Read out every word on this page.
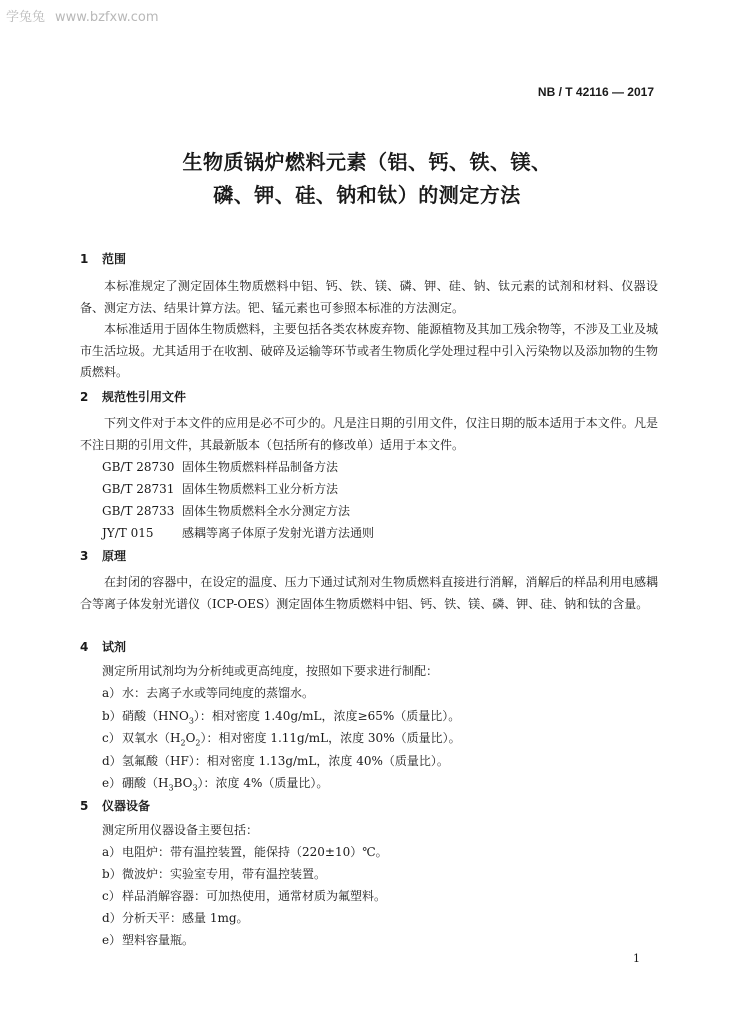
学兔兔 www.bzfxw.com
NB / T 42116 — 2017
生物质锅炉燃料元素（铝、钙、铁、镁、
磷、钾、硅、钠和钛）的测定方法
1 范围
本标准规定了测定固体生物质燃料中铝、钙、铁、镁、磷、钾、硅、钠、钛元素的试剂和材料、仪器设备、测定方法、结果计算方法。钯、锰元素也可参照本标准的方法测定。
本标准适用于固体生物质燃料，主要包括各类农林废弃物、能源植物及其加工残余物等，不涉及工业及城市生活垃圾。尤其适用于在收割、破碎及运输等环节或者生物质化学处理过程中引入污染物以及添加物的生物质燃料。
2 规范性引用文件
下列文件对于本文件的应用是必不可少的。凡是注日期的引用文件，仅注日期的版本适用于本文件。凡是不注日期的引用文件，其最新版本（包括所有的修改单）适用于本文件。
GB/T 28730 固体生物质燃料样品制备方法
GB/T 28731 固体生物质燃料工业分析方法
GB/T 28733 固体生物质燃料全水分测定方法
JY/T 015 感耦等离子体原子发射光谱方法通则
3 原理
在封闭的容器中，在设定的温度、压力下通过试剂对生物质燃料直接进行消解，消解后的样品利用电感耦合等离子体发射光谱仪（ICP-OES）测定固体生物质燃料中铝、钙、铁、镁、磷、钾、硅、钠和钛的含量。
4 试剂
测定所用试剂均为分析纯或更高纯度，按照如下要求进行制配：
a）水：去离子水或等同纯度的蒸馏水。
b）硝酸$(HNO_3)$：相对密度 1.40g/mL，浓度≥65%（质量比）。
c）双氧水$(H_2O_2)$：相对密度 1.11g/mL，浓度 30%（质量比）。
d）氢氟酸（HF）：相对密度 1.13g/mL，浓度 40%（质量比）。
e）硼酸$(H_3BO_3)$：浓度 4%（质量比）。
5 仪器设备
测定所用仪器设备主要包括：
a）电阻炉：带有温控装置，能保持（220±10）℃。
b）微波炉：实验室专用，带有温控装置。
c）样品消解容器：可加热使用，通常材质为氟塑料。
d）分析天平：感量 1mg。
e）塑料容量瓶。
1
